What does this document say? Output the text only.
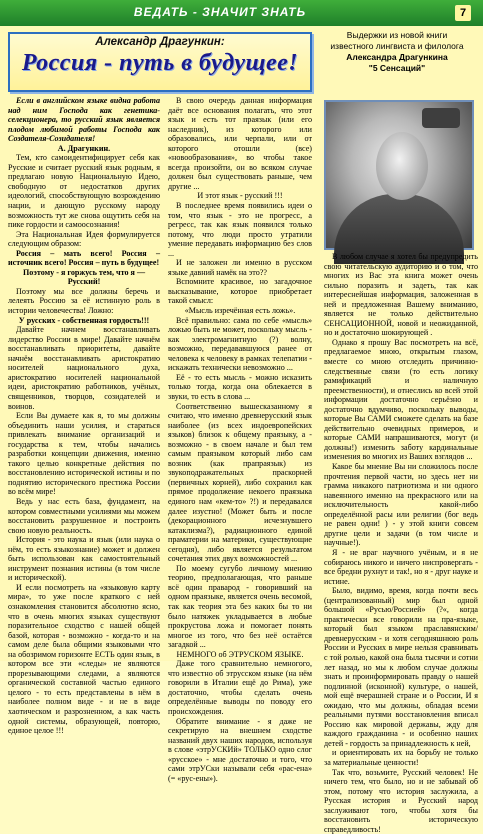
ВЕДАТЬ - ЗНАЧИТ ЗНАТЬ	7
Александр Драгункин:
Россия - путь в будущее!
Выдержки из новой книги
известного лингвиста и филолога
Александра Драгункина
"5 Сенсаций"

Если в английском языке видна работа над ним Господа как генетика-селекционера, то русский язык является плодом любимой работы Господа как Создателя-Созидателя!

А. Драгункин.

Тем, кто самоидентифицирует себя как Русские и считает русский язык родным, я предлагаю новую Национальную Идею, свободную от недостатков других идеологий, способствующую возрождению нации, и дающую русскому народу возможность тут же снова ощутить себя на пике гордости и самоосознания!

Эта Национальная Идея формулируется следующим образом:

Россия – мать всего! Россия – источник всего! Россия – путь в будущее!

Поэтому - я горжусь тем, что я — Русский!

Поэтому мы все должны беречь и лелеять Россию за её истинную роль в истории человечества! Ложно:

У русских - собственная гордость!!!

Давайте начнем восстанавливать лидерство России в мире! Давайте начнём восстанавливать приоритеты, давайте начнём восстанавливать аристократию носителей национального духа, аристократию носителей национальной идеи, аристократию работников, учёных, священников, творцов, созидателей и воинов.

Если Вы думаете как я, то мы должны объединить наши усилия, и стараться привлекать внимание организаций и государства к тем, чтобы начались разработки концепции движения, именно такого целью конкретные действия по восстановлению исторической истины и по поднятию исторического престижа России во всём мире!

Ведь у нас есть база, фундамент, на котором совместными усилиями мы можем восстановить разрушенное и построить свою новую реальность.

История - это наука и язык (или наука о нём, то есть языкознание) может и должен быть использован как самостоятельный инструмент познания истины (в том числе и исторической).

И если посмотреть на «языковую карту мира», то уже после краткого с ней ознакомления становится абсолютно ясно, что в очень многих языках существуют поразительное сходство с нашей общей базой, которая - возможно - когда-то и на самом деле была общими языковыми что на обозримом горизонте ЕСТЬ один язык, в котором все эти «следы» не являются прорезывающими следами, а являются органической составной частью единого целого - то есть представлены в нём в наиболее полном виде - и не в виде хаотическом и разрозненном, а как часть одной системы, образующей, повторю, единое целое !!!

В свою очередь данная информация даёт все основания полагать, что этот язык и есть тот праязык (или его наследник), из которого или образовались, или черпали, или от которого отошли (все) «новообразования», во чтобы такое всегда произойти, он во всяком случае должен был существовать раньше, чем другие ...

И этот язык - русский !!!

В последнее время появились идеи о том, что язык - это не прогресс, а регресс, так как язык появился только потому, что люди просто утратили умение передавать информацию без слов ...

И не заложен ли именно в русском языке давний намёк на это??

Вспомните красивое, но загадочное высказывание, которое приобретает такой смысл:

«Мысль изречённая есть ложь».

Всё правильно: сама по себе «мысль» ложью быть не может, поскольку мысль - как электромагнитную (?) волну, возможно, передававшуюся ранее от человека к человеку в рамках телепатии - искажать технически невозможно ...

Её - то есть мысль - можно исказить только тогда, когда она облекается в звуки, то есть в слова ...

Соответственно вышесказанному я считаю, что именно древнерусский язык наиболее (из всех индоевропейских языков) близок к общему праязыку, а - возможно - в своем начале и был тем самым праязыком который либо сам возник (как прапраязык) из звукоподражательных праскорней (первичных корней), либо сохранил как прямое продолжение некоего праязыка единого нам «кем-то» ?!) и передавался далее изустно! (Может быть и после (декорационного исчезнувшего катаклизма?), радиационного единой праматерии на материки, существующие сегодня), либо является результатом сочетания этих двух возможностей ...

По моему сугубо личному мнению теорию, предполагающая, что раньше всё один праварод - говоривший на одном праязыке, является очень весомой, так как теория эта без каких бы то ни было натяжек укладывается в любые прокрустова ложа и помогает понять многое из того, что без неё остаётся загадкой ...

НЕМНОГО об ЭТРУСКОМ ЯЗЫКЕ.

Даже того сравнительно немногого, что известно об этрусском языке (на нём говорили в Италии ещё до Рима), уже достаточно, чтобы сделать очень определённые выводы по поводу его происхождения.

Обратите внимание - я даже не секретирую на внешнем сходстве названий двух наших народов, используя в слове «этрУСКИй» ТОЛЬКО одно слог «русское» - мне достаточно и того, что сами этрУСки называли себя «рас-ена» (= «рус-ены»).

В любом случае я хотел бы предупредить свою читательскую аудиторию и о том, что многих из Вас эта книга может очень сильно поразить и задеть, так как интереснейшая информация, заложенная в ней и предложенная Вашему вниманию, является не только действительно СЕНСАЦИОННОЙ, новой и неожиданной, но и достаточно шокирующей .

Однако я прошу Вас посмотреть на всё, предлагаемое мною, открытым глазом, вместе со мною отследить причинно-следственные связи (то есть логику рамификаций и наличную преемственности), и отнеслись ко всей этой информации достаточно серьёзно и достаточно вдумчиво, поскольку выводы, которые Вы САМИ сможете сделать на базе действительно очевидных примеров, и которые САМИ напрашиваются, могут (и должны!) изменить заботу кардинальные изменения во многих из Ваших взглядов ...

Какое бы мнение Вы ни сложилось после прочтения первой части, но здесь нет ни грамма никакого патриотизма и ни одного навеянного именно на прекрасного или на исключительность какой-либо определённой расы или религии (бог ведь не равен одни! ) - у этой книги совсем другие цели и задачи (в том числе и научные!).

Я - не враг научного учёным, и я не собираюсь никого и ничего ниспровергать - все бредни рухнут и так!, но я - друг науке и истине.

Было, видимо, время, когда почти весь (централизованный) мир был одной большой «Русью/Россией» (?«, когда практически все говорили на пра-языке, который был языком праславянским/ древнерусским - и хотя сегодняшнюю роль России и Русских в мире нельзя сравнивать с той ролью, какой она была тысячи и сотни лет назад, но мы к любом случае должны знать и проинформировать правду о нашей подлинной (исконной) культуре, о нашей, мой ещё вчерашней стране и о России, И я ожидаю, что мы должны, обладая всеми реальными путями восстановления вписал Россию как мировой державы, жду для каждого гражданина - и особенно наших детей - гордость за принадлежность к ней,

и ориентировать их на борьбу не только за материальные ценности!

Так что, возьмите, Русский человек! Не ничего тем, что было, но и не забывай об этом, потому что история заслужила, а Русская история и Русский народ заслуживают того, чтобы хотя бы восстановить историческую справедливость!
